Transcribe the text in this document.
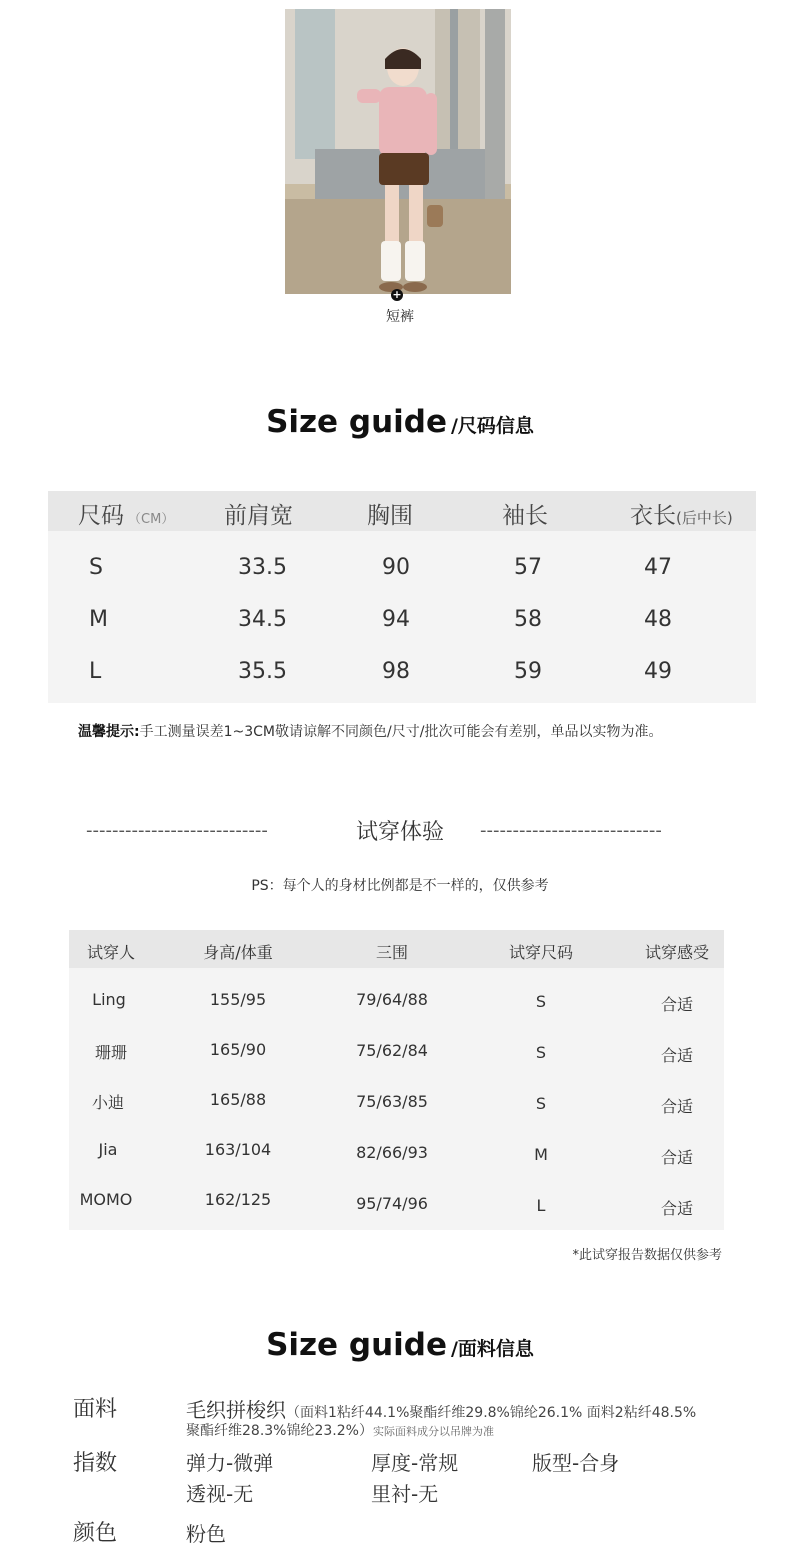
+
短裤
Size guide /尺码信息
尺码 （CM） 前肩宽	胸围	袖长	衣长(后中长)
S	33.5	90	57	47
M	34.5	94	58	48
L	35.5	98	59	49
温馨提示:手工测量误差1~3CM敬请谅解不同颜色/尺寸/批次可能会有差别，单品以实物为准。
----------------------------	试穿体验	----------------------------
PS：每个人的身材比例都是不一样的，仅供参考
试穿人	身高/体重	三围	试穿尺码	试穿感受
Ling	155/95	79/64/88	S	合适
珊珊	165/90	75/62/84	S	合适
小迪	165/88	75/63/85	S	合适
Jia	163/104	82/66/93	M	合适
MOMO	162/125	95/74/96	L	合适
*此试穿报告数据仅供参考
Size guide /面料信息
面料	毛织拼梭织（面料1粘纤44.1%聚酯纤维29.8%锦纶26.1% 面料2粘纤48.5%
聚酯纤维28.3%锦纶23.2%）实际面料成分以吊牌为准
指数	弹力-微弹	厚度-常规	版型-合身
透视-无	里衬-无
颜色	粉色
